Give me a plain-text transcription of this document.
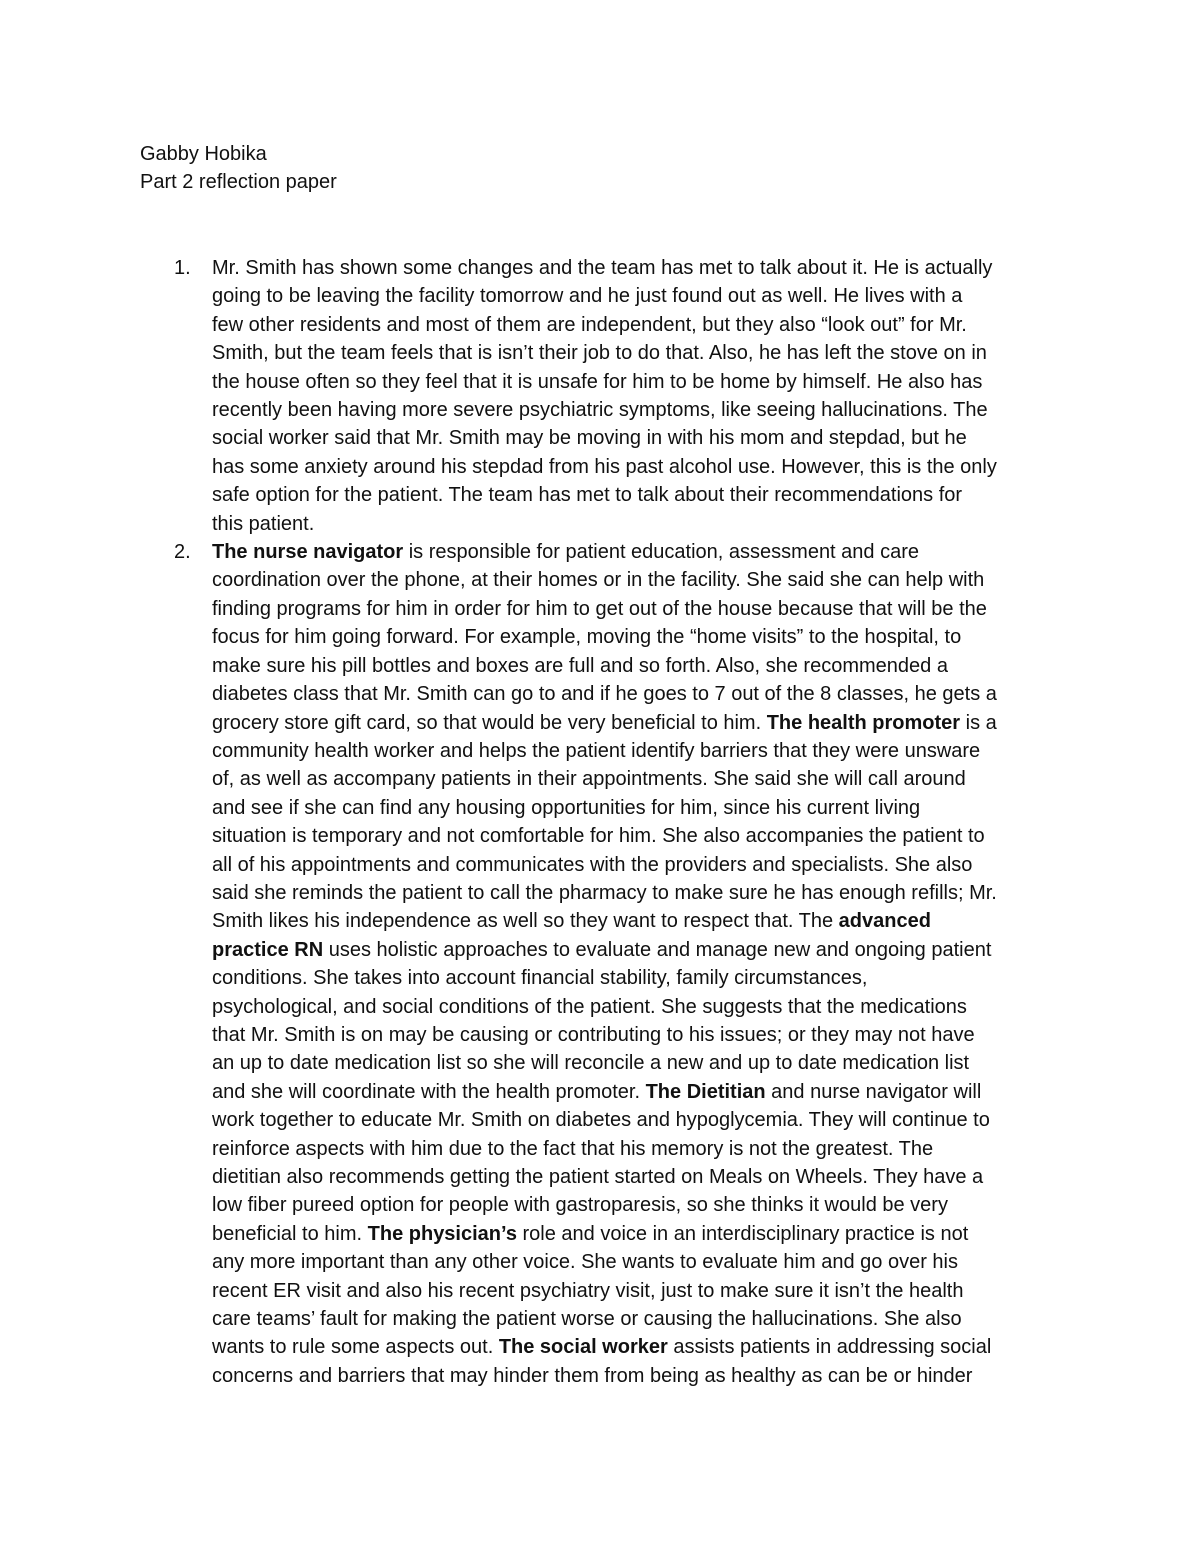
Gabby Hobika
Part 2 reflection paper
1. Mr. Smith has shown some changes and the team has met to talk about it. He is actually
going to be leaving the facility tomorrow and he just found out as well. He lives with a
few other residents and most of them are independent, but they also “look out” for Mr.
Smith, but the team feels that is isn’t their job to do that. Also, he has left the stove on in
the house often so they feel that it is unsafe for him to be home by himself. He also has
recently been having more severe psychiatric symptoms, like seeing hallucinations. The
social worker said that Mr. Smith may be moving in with his mom and stepdad, but he
has some anxiety around his stepdad from his past alcohol use. However, this is the only
safe option for the patient. The team has met to talk about their recommendations for
this patient.
2. The nurse navigator is responsible for patient education, assessment and care
coordination over the phone, at their homes or in the facility. She said she can help with
finding programs for him in order for him to get out of the house because that will be the
focus for him going forward. For example, moving the “home visits” to the hospital, to
make sure his pill bottles and boxes are full and so forth. Also, she recommended a
diabetes class that Mr. Smith can go to and if he goes to 7 out of the 8 classes, he gets a
grocery store gift card, so that would be very beneficial to him. The health promoter is a
community health worker and helps the patient identify barriers that they were unsware
of, as well as accompany patients in their appointments. She said she will call around
and see if she can find any housing opportunities for him, since his current living
situation is temporary and not comfortable for him. She also accompanies the patient to
all of his appointments and communicates with the providers and specialists. She also
said she reminds the patient to call the pharmacy to make sure he has enough refills; Mr.
Smith likes his independence as well so they want to respect that. The advanced
practice RN uses holistic approaches to evaluate and manage new and ongoing patient
conditions. She takes into account financial stability, family circumstances,
psychological, and social conditions of the patient. She suggests that the medications
that Mr. Smith is on may be causing or contributing to his issues; or they may not have
an up to date medication list so she will reconcile a new and up to date medication list
and she will coordinate with the health promoter. The Dietitian and nurse navigator will
work together to educate Mr. Smith on diabetes and hypoglycemia. They will continue to
reinforce aspects with him due to the fact that his memory is not the greatest. The
dietitian also recommends getting the patient started on Meals on Wheels. They have a
low fiber pureed option for people with gastroparesis, so she thinks it would be very
beneficial to him. The physician’s role and voice in an interdisciplinary practice is not
any more important than any other voice. She wants to evaluate him and go over his
recent ER visit and also his recent psychiatry visit, just to make sure it isn’t the health
care teams’ fault for making the patient worse or causing the hallucinations. She also
wants to rule some aspects out. The social worker assists patients in addressing social
concerns and barriers that may hinder them from being as healthy as can be or hinder
